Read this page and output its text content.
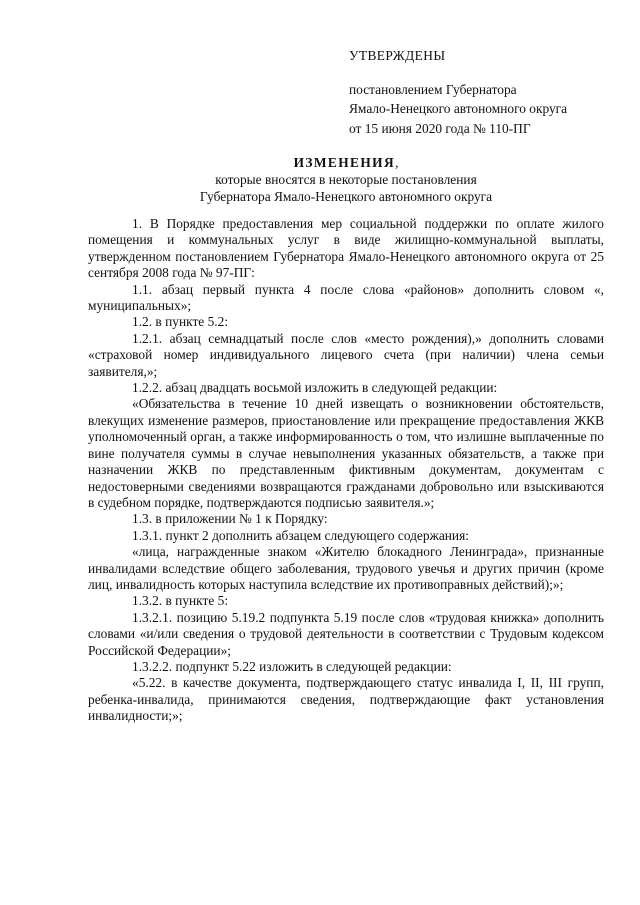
УТВЕРЖДЕНЫ
постановлением Губернатора
Ямало-Ненецкого автономного округа
от 15 июня 2020 года № 110-ПГ
ИЗМЕНЕНИЯ,
которые вносятся в некоторые постановления
Губернатора Ямало-Ненецкого автономного округа

1. В Порядке предоставления мер социальной поддержки по оплате жилого помещения и коммунальных услуг в виде жилищно-коммунальной выплаты, утвержденном постановлением Губернатора Ямало-Ненецкого автономного округа от 25 сентября 2008 года № 97-ПГ:

1.1. абзац первый пункта 4 после слова «районов» дополнить словом «, муниципальных»;

1.2. в пункте 5.2:

1.2.1. абзац семнадцатый после слов «место рождения),» дополнить словами «страховой номер индивидуального лицевого счета (при наличии) члена семьи заявителя,»;

1.2.2. абзац двадцать восьмой изложить в следующей редакции:

«Обязательства в течение 10 дней извещать о возникновении обстоятельств, влекущих изменение размеров, приостановление или прекращение предоставления ЖКВ уполномоченный орган, а также информированность о том, что излишне выплаченные по вине получателя суммы в случае невыполнения указанных обязательств, а также при назначении ЖКВ по представленным фиктивным документам, документам с недостоверными сведениями возвращаются гражданами добровольно или взыскиваются в судебном порядке, подтверждаются подписью заявителя.»;

1.3. в приложении № 1 к Порядку:

1.3.1. пункт 2 дополнить абзацем следующего содержания:

«лица, награжденные знаком «Жителю блокадного Ленинграда», признанные инвалидами вследствие общего заболевания, трудового увечья и других причин (кроме лиц, инвалидность которых наступила вследствие их противоправных действий);»;

1.3.2. в пункте 5:

1.3.2.1. позицию 5.19.2 подпункта 5.19 после слов «трудовая книжка» дополнить словами «и/или сведения о трудовой деятельности в соответствии с Трудовым кодексом Российской Федерации»;

1.3.2.2. подпункт 5.22 изложить в следующей редакции:

«5.22. в качестве документа, подтверждающего статус инвалида I, II, III групп, ребенка-инвалида, принимаются сведения, подтверждающие факт установления инвалидности;»;
